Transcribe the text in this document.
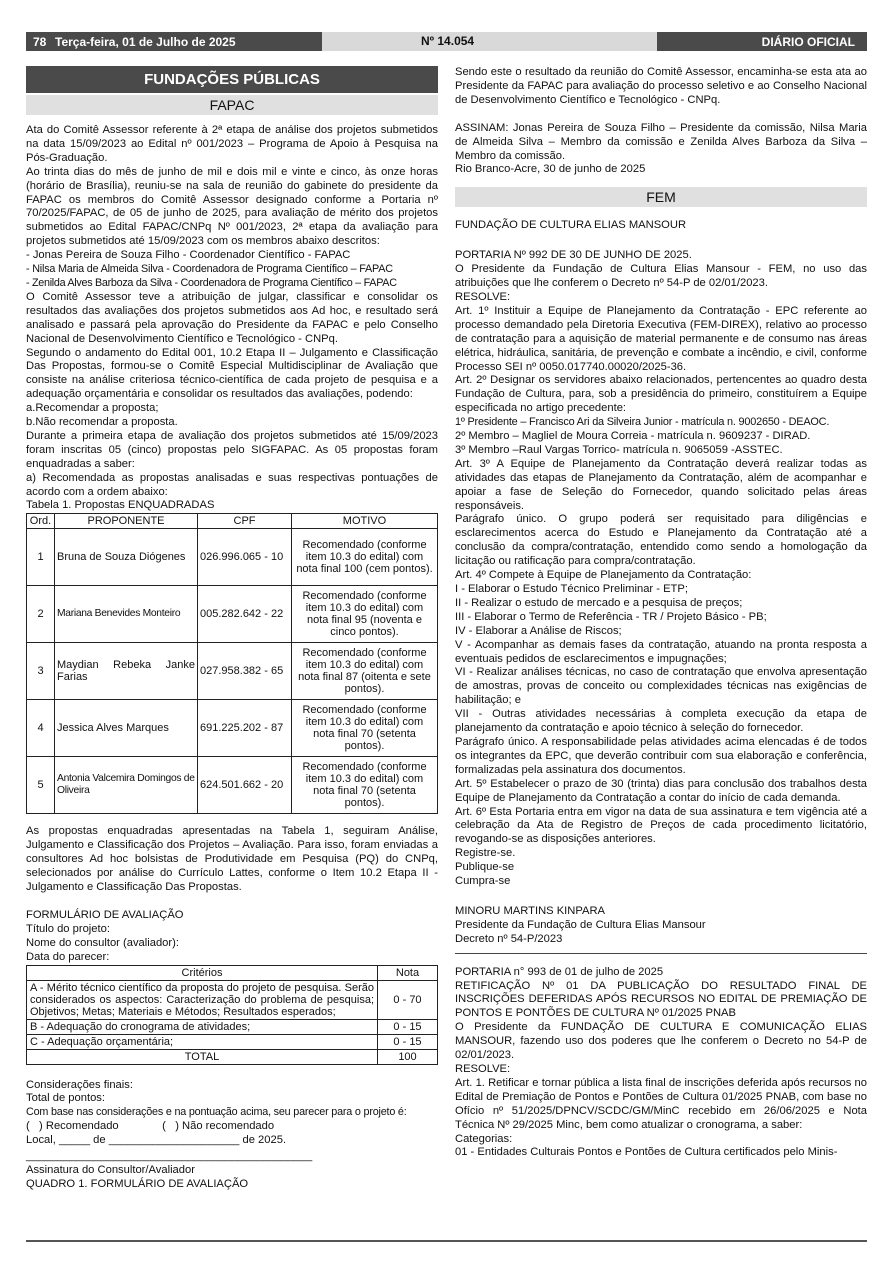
78 Terça-feira, 01 de Julho de 2025	Nº 14.054	DIÁRIO OFICIAL
FUNDAÇÕES PÚBLICAS
FAPAC

Ata do Comitê Assessor referente à 2ª etapa de análise dos projetos submetidos na data 15/09/2023 ao Edital nº 001/2023 – Programa de Apoio à Pesquisa na Pós-Graduação.

Ao trinta dias do mês de junho de mil e dois mil e vinte e cinco, às onze horas (horário de Brasília), reuniu-se na sala de reunião do gabinete do presidente da FAPAC os membros do Comitê Assessor designado conforme a Portaria nº 70/2025/FAPAC, de 05 de junho de 2025, para avaliação de mérito dos projetos submetidos ao Edital FAPAC/CNPq Nº 001/2023, 2ª etapa da avaliação para projetos submetidos até 15/09/2023 com os membros abaixo descritos:

- Jonas Pereira de Souza Filho - Coordenador Científico - FAPAC

- Nilsa Maria de Almeida Silva - Coordenadora de Programa Científico – FAPAC

- Zenilda Alves Barboza da Silva - Coordenadora de Programa Científico – FAPAC

O Comitê Assessor teve a atribuição de julgar, classificar e consolidar os resultados das avaliações dos projetos submetidos aos Ad hoc, e resultado será analisado e passará pela aprovação do Presidente da FAPAC e pelo Conselho Nacional de Desenvolvimento Científico e Tecnológico - CNPq.

Segundo o andamento do Edital 001, 10.2 Etapa II – Julgamento e Classificação Das Propostas, formou-se o Comitê Especial Multidisciplinar de Avaliação que consiste na análise criteriosa técnico-científica de cada projeto de pesquisa e a adequação orçamentária e consolidar os resultados das avaliações, podendo:

a.Recomendar a proposta;

b.Não recomendar a proposta.

Durante a primeira etapa de avaliação dos projetos submetidos até 15/09/2023 foram inscritas 05 (cinco) propostas pelo SIGFAPAC. As 05 propostas foram enquadradas a saber:

a) Recomendada as propostas analisadas e suas respectivas pontuações de acordo com a ordem abaixo:

Tabela 1. Propostas ENQUADRADAS

Ord.	PROPONENTE	CPF	MOTIVO
1	Bruna de Souza Diógenes	026.996.065 - 10	Recomendado (conforme item 10.3 do edital) com nota final 100 (cem pontos).
2	Mariana Benevides Monteiro	005.282.642 - 22	Recomendado (conforme item 10.3 do edital) com nota final 95 (noventa e cinco pontos).
3	Maydian Rebeka Janke Farias	027.958.382 - 65	Recomendado (conforme item 10.3 do edital) com nota final 87 (oitenta e sete pontos).
4	Jessica Alves Marques	691.225.202 - 87	Recomendado (conforme item 10.3 do edital) com nota final 70 (setenta pontos).
5	Antonia Valcemira Domingos de Oliveira	624.501.662 - 20	Recomendado (conforme item 10.3 do edital) com nota final 70 (setenta pontos).

As propostas enquadradas apresentadas na Tabela 1, seguiram Análise, Julgamento e Classificação dos Projetos – Avaliação. Para isso, foram enviadas a consultores Ad hoc bolsistas de Produtividade em Pesquisa (PQ) do CNPq, selecionados por análise do Currículo Lattes, conforme o Item 10.2 Etapa II - Julgamento e Classificação Das Propostas.

FORMULÁRIO DE AVALIAÇÃO

Título do projeto:

Nome do consultor (avaliador):

Data do parecer:

Critérios	Nota
A - Mérito técnico científico da proposta do projeto de pesquisa. Serão considerados os aspectos: Caracterização do problema de pesquisa; Objetivos; Metas; Materiais e Métodos; Resultados esperados;	0 - 70
B - Adequação do cronograma de atividades;	0 - 15
C - Adequação orçamentária;	0 - 15
TOTAL	100

Considerações finais:

Total de pontos:

Com base nas considerações e na pontuação acima, seu parecer para o projeto é:

(   ) Recomendado              (   ) Não recomendado

Local, _____ de _____________________ de 2025.

______________________________________________

Assinatura do Consultor/Avaliador

QUADRO 1. FORMULÁRIO DE AVALIAÇÃO

Sendo este o resultado da reunião do Comitê Assessor, encaminha-se esta ata ao Presidente da FAPAC para avaliação do processo seletivo e ao Conselho Nacional de Desenvolvimento Científico e Tecnológico - CNPq.

ASSINAM: Jonas Pereira de Souza Filho – Presidente da comissão, Nilsa Maria de Almeida Silva – Membro da comissão e Zenilda Alves Barboza da Silva – Membro da comissão.

Rio Branco-Acre, 30 de junho de 2025

FEM

FUNDAÇÃO DE CULTURA ELIAS MANSOUR

PORTARIA Nº 992 DE 30 DE JUNHO DE 2025.

O Presidente da Fundação de Cultura Elias Mansour - FEM, no uso das atribuições que lhe conferem o Decreto nº 54-P de 02/01/2023.

RESOLVE:

Art. 1º Instituir a Equipe de Planejamento da Contratação - EPC referente ao processo demandado pela Diretoria Executiva (FEM-DIREX), relativo ao processo de contratação para a aquisição de material permanente e de consumo nas áreas elétrica, hidráulica, sanitária, de prevenção e combate a incêndio, e civil, conforme Processo SEI nº 0050.017740.00020/2025-36.

Art. 2º Designar os servidores abaixo relacionados, pertencentes ao quadro desta Fundação de Cultura, para, sob a presidência do primeiro, constituírem a Equipe especificada no artigo precedente:

1º Presidente – Francisco Ari da Silveira Junior - matrícula n. 9002650 - DEAOC.

2º Membro – Magliel de Moura Correia - matrícula n. 9609237 - DIRAD.

3º Membro –Raul Vargas Torrico- matrícula n. 9065059 -ASSTEC.

Art. 3º A Equipe de Planejamento da Contratação deverá realizar todas as atividades das etapas de Planejamento da Contratação, além de acompanhar e apoiar a fase de Seleção do Fornecedor, quando solicitado pelas áreas responsáveis.

Parágrafo único. O grupo poderá ser requisitado para diligências e esclarecimentos acerca do Estudo e Planejamento da Contratação até a conclusão da compra/contratação, entendido como sendo a homologação da licitação ou ratificação para compra/contratação.

Art. 4º Compete à Equipe de Planejamento da Contratação:

I - Elaborar o Estudo Técnico Preliminar - ETP;

II - Realizar o estudo de mercado e a pesquisa de preços;

III - Elaborar o Termo de Referência - TR / Projeto Básico - PB;

IV - Elaborar a Análise de Riscos;

V - Acompanhar as demais fases da contratação, atuando na pronta resposta a eventuais pedidos de esclarecimentos e impugnações;

VI - Realizar análises técnicas, no caso de contratação que envolva apresentação de amostras, provas de conceito ou complexidades técnicas nas exigências de habilitação; e

VII - Outras atividades necessárias à completa execução da etapa de planejamento da contratação e apoio técnico à seleção do fornecedor.

Parágrafo único. A responsabilidade pelas atividades acima elencadas é de todos os integrantes da EPC, que deverão contribuir com sua elaboração e conferência, formalizadas pela assinatura dos documentos.

Art. 5º Estabelecer o prazo de 30 (trinta) dias para conclusão dos trabalhos desta Equipe de Planejamento da Contratação a contar do início de cada demanda.

Art. 6º Esta Portaria entra em vigor na data de sua assinatura e tem vigência até a celebração da Ata de Registro de Preços de cada procedimento licitatório, revogando-se as disposições anteriores.

Registre-se.

Publique-se

Cumpra-se

MINORU MARTINS KINPARA

Presidente da Fundação de Cultura Elias Mansour

Decreto nº 54-P/2023

PORTARIA n° 993 de 01 de julho de 2025

RETIFICAÇÃO Nº 01 DA PUBLICAÇÃO DO RESULTADO FINAL DE INSCRIÇÕES DEFERIDAS APÓS RECURSOS NO EDITAL DE PREMIAÇÃO DE PONTOS E PONTÕES DE CULTURA Nº 01/2025 PNAB

O Presidente da FUNDAÇÃO DE CULTURA E COMUNICAÇÃO ELIAS MANSOUR, fazendo uso dos poderes que lhe conferem o Decreto no 54-P de 02/01/2023.

RESOLVE:

Art. 1. Retificar e tornar pública a lista final de inscrições deferida após recursos no Edital de Premiação de Pontos e Pontões de Cultura 01/2025 PNAB, com base no Ofício nº 51/2025/DPNCV/SCDC/GM/MinC recebido em 26/06/2025 e Nota Técnica Nº 29/2025 Minc, bem como atualizar o cronograma, a saber:

Categorias:

01 - Entidades Culturais Pontos e Pontões de Cultura certificados pelo Minis-
